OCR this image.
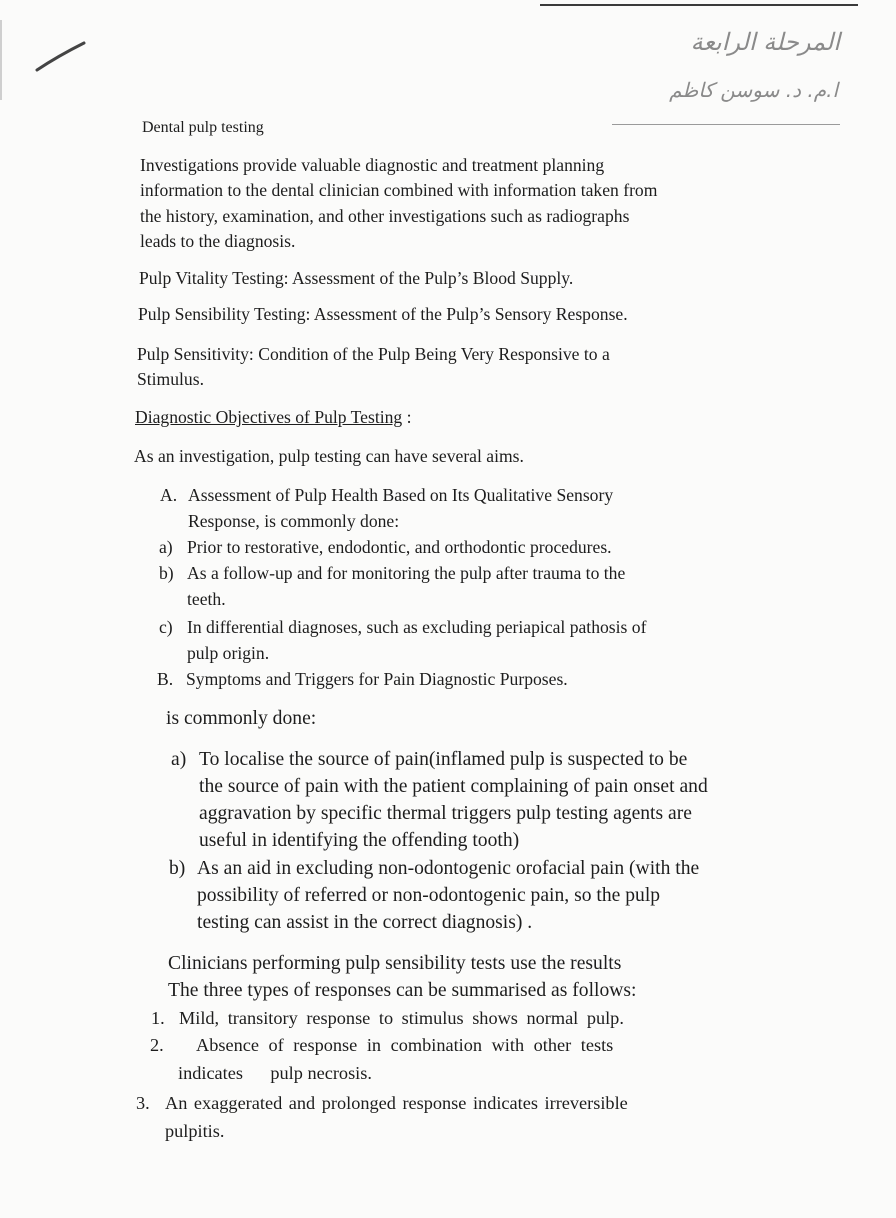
المرحلة الرابعة
ا.م. د. سوسن كاظم
Dental pulp testing
Investigations provide valuable diagnostic and treatment planning
information to the dental clinician combined with information taken from
the history, examination, and other investigations such as radiographs
leads to the diagnosis.
Pulp Vitality Testing: Assessment of the Pulp’s Blood Supply.
Pulp Sensibility Testing: Assessment of the Pulp’s Sensory Response.
Pulp Sensitivity: Condition of the Pulp Being Very Responsive to a
Stimulus.
Diagnostic Objectives of Pulp Testing :
As an investigation, pulp testing can have several aims.
A. Assessment of Pulp Health Based on Its Qualitative Sensory
Response, is commonly done:
a) Prior to restorative, endodontic, and orthodontic procedures.
b) As a follow-up and for monitoring the pulp after trauma to the
teeth.
c) In differential diagnoses, such as excluding periapical pathosis of
pulp origin.
B. Symptoms and Triggers for Pain Diagnostic Purposes.
is commonly done:
a) To localise the source of pain(inflamed pulp is suspected to be
the source of pain with the patient complaining of pain onset and
aggravation by specific thermal triggers pulp testing agents are
useful in identifying the offending tooth)
b) As an aid in excluding non-odontogenic orofacial pain (with the
possibility of referred or non-odontogenic pain, so the pulp
testing can assist in the correct diagnosis) .
Clinicians performing pulp sensibility tests use the results
The three types of responses can be summarised as follows:
1. Mild, transitory response to stimulus shows normal pulp.
2. Absence of response in combination with other tests
indicates      pulp necrosis.
3. An exaggerated and prolonged response indicates irreversible
pulpitis.
